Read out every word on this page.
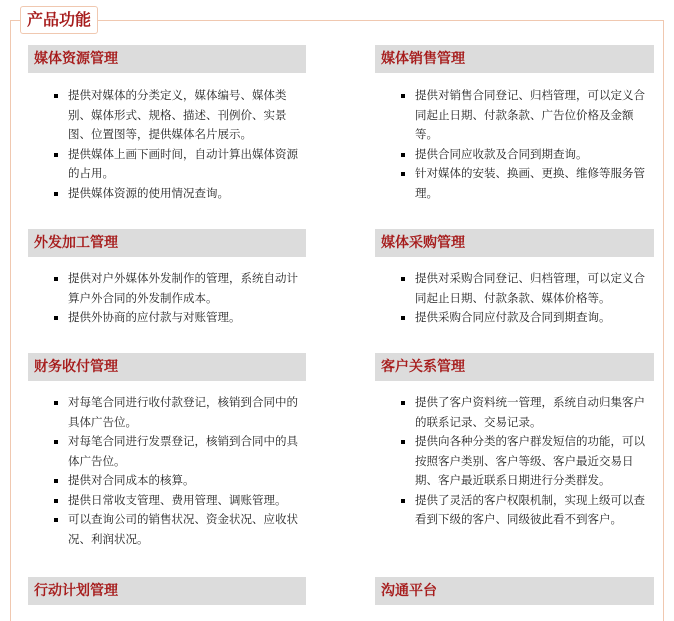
产品功能
媒体资源管理
提供对媒体的分类定义，媒体编号、媒体类别、媒体形式、规格、描述、刊例价、实景图、位置图等，提供媒体名片展示。
提供媒体上画下画时间，自动计算出媒体资源的占用。
提供媒体资源的使用情况查询。
外发加工管理
提供对户外媒体外发制作的管理，系统自动计算户外合同的外发制作成本。
提供外协商的应付款与对账管理。
财务收付管理
对每笔合同进行收付款登记，核销到合同中的具体广告位。
对每笔合同进行发票登记，核销到合同中的具体广告位。
提供对合同成本的核算。
提供日常收支管理、费用管理、调账管理。
可以查询公司的销售状况、资金状况、应收状况、利润状况。
行动计划管理
媒体销售管理
提供对销售合同登记、归档管理，可以定义合同起止日期、付款条款、广告位价格及金额等。
提供合同应收款及合同到期查询。
针对媒体的安装、换画、更换、维修等服务管理。
媒体采购管理
提供对采购合同登记、归档管理，可以定义合同起止日期、付款条款、媒体价格等。
提供采购合同应付款及合同到期查询。
客户关系管理
提供了客户资料统一管理，系统自动归集客户的联系记录、交易记录。
提供向各种分类的客户群发短信的功能，可以按照客户类别、客户等级、客户最近交易日期、客户最近联系日期进行分类群发。
提供了灵活的客户权限机制，实现上级可以查看到下级的客户、同级彼此看不到客户。
沟通平台
